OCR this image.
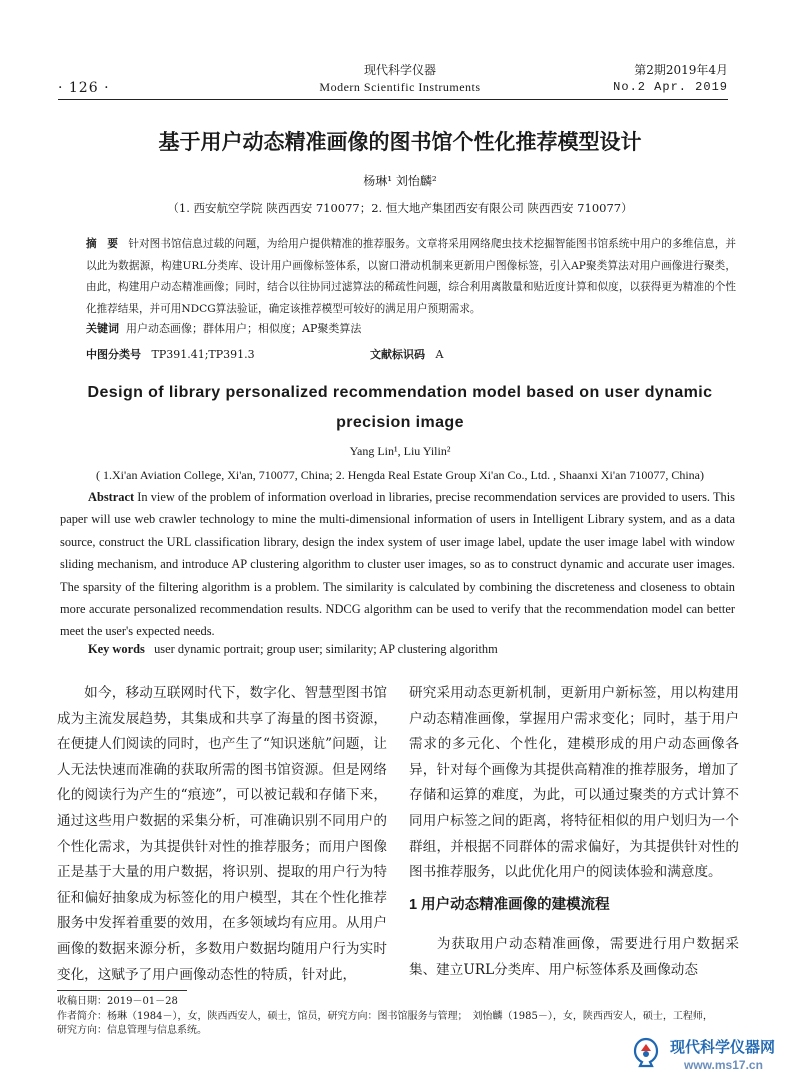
· 126 ·
现代科学仪器
Modern Scientific Instruments
第2期2019年4月
No.2 Apr. 2019
基于用户动态精准画像的图书馆个性化推荐模型设计
杨琳¹ 刘怡麟²
（1. 西安航空学院 陕西西安 710077；2. 恒大地产集团西安有限公司 陕西西安 710077）
摘　要 针对图书馆信息过载的问题，为给用户提供精准的推荐服务。文章将采用网络爬虫技术挖掘智能图书馆系统中用户的多维信息，并以此为数据源，构建URL分类库、设计用户画像标签体系，以窗口滑动机制来更新用户图像标签，引入AP聚类算法对用户画像进行聚类，由此，构建用户动态精准画像；同时，结合以往协同过滤算法的稀疏性问题，综合利用离散量和贴近度计算和似度，以获得更为精准的个性化推荐结果，并可用NDCG算法验证，确定该推荐模型可较好的满足用户预期需求。
关键词 用户动态画像；群体用户；相似度；AP聚类算法
中图分类号 TP391.41;TP391.3	文献标识码 A
Design of library personalized recommendation model based on user dynamic precision image
Yang Lin¹, Liu Yilin²
( 1.Xi'an Aviation College, Xi'an, 710077, China; 2. Hengda Real Estate Group Xi'an Co., Ltd. , Shaanxi Xi'an 710077, China)
Abstract In view of the problem of information overload in libraries, precise recommendation services are provided to users. This paper will use web crawler technology to mine the multi-dimensional information of users in Intelligent Library system, and as a data source, construct the URL classification library, design the index system of user image label, update the user image label with window sliding mechanism, and introduce AP clustering algorithm to cluster user images, so as to construct dynamic and accurate user images. The sparsity of the filtering algorithm is a problem. The similarity is calculated by combining the discreteness and closeness to obtain more accurate personalized recommendation results. NDCG algorithm can be used to verify that the recommendation model can better meet the user's expected needs.
Key words user dynamic portrait; group user; similarity; AP clustering algorithm
如今，移动互联网时代下，数字化、智慧型图书馆成为主流发展趋势，其集成和共享了海量的图书资源，在便捷人们阅读的同时，也产生了“知识迷航”问题，让人无法快速而准确的获取所需的图书馆资源。但是网络化的阅读行为产生的“痕迹”，可以被记载和存储下来，通过这些用户数据的采集分析，可准确识别不同用户的个性化需求，为其提供针对性的推荐服务；而用户图像正是基于大量的用户数据，将识别、提取的用户行为特征和偏好抽象成为标签化的用户模型，其在个性化推荐服务中发挥着重要的效用，在多领域均有应用。从用户画像的数据来源分析，多数用户数据均随用户行为实时变化，这赋予了用户画像动态性的特质，针对此，
研究采用动态更新机制，更新用户新标签，用以构建用户动态精准画像，掌握用户需求变化；同时，基于用户需求的多元化、个性化，建模形成的用户动态画像各异，针对每个画像为其提供高精准的推荐服务，增加了存储和运算的难度，为此，可以通过聚类的方式计算不同用户标签之间的距离，将特征相似的用户划归为一个群组，并根据不同群体的需求偏好，为其提供针对性的图书推荐服务，以此优化用户的阅读体验和满意度。
1 用户动态精准画像的建模流程
为获取用户动态精准画像，需要进行用户数据采集、建立URL分类库、用户标签体系及画像动态
收稿日期：2019－01－28
作者简介：杨琳（1984－），女，陕西西安人，硕士，馆员，研究方向：图书馆服务与管理；　刘怡麟（1985－），女，陕西西安人，硕士，工程师，
研究方向：信息管理与信息系统。
现代科学仪器网
www.ms17.cn
